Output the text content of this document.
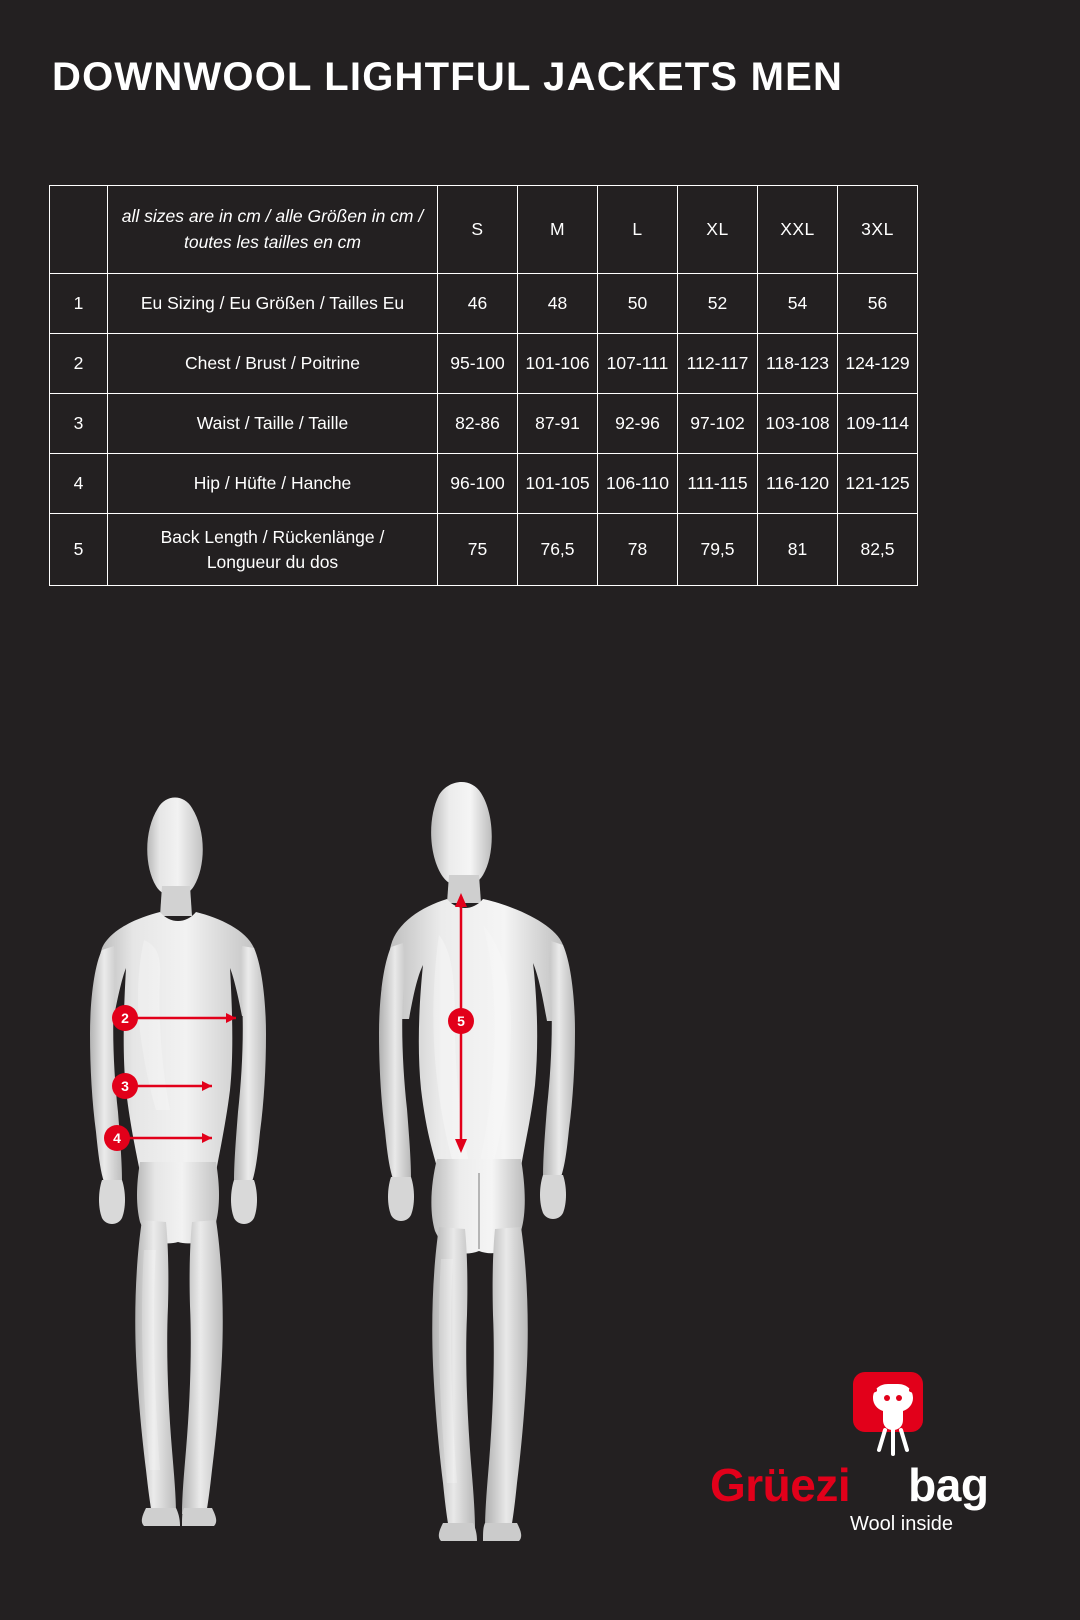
DOWNWOOL LIGHTFUL JACKETS MEN
	all sizes are in cm / alle Größen in cm /
toutes les tailles en cm	S	M	L	XL	XXL	3XL
1	Eu Sizing / Eu Größen / Tailles Eu	46	48	50	52	54	56
2	Chest / Brust / Poitrine	95-100	101-106	107-111	112-117	118-123	124-129
3	Waist / Taille / Taille	82-86	87-91	92-96	97-102	103-108	109-114
4	Hip / Hüfte / Hanche	96-100	101-105	106-110	111-115	116-120	121-125
5	Back Length / Rückenlänge /
Longueur du dos	75	76,5	78	79,5	81	82,5
2
3
4
5
Grüezi bag
Wool inside
